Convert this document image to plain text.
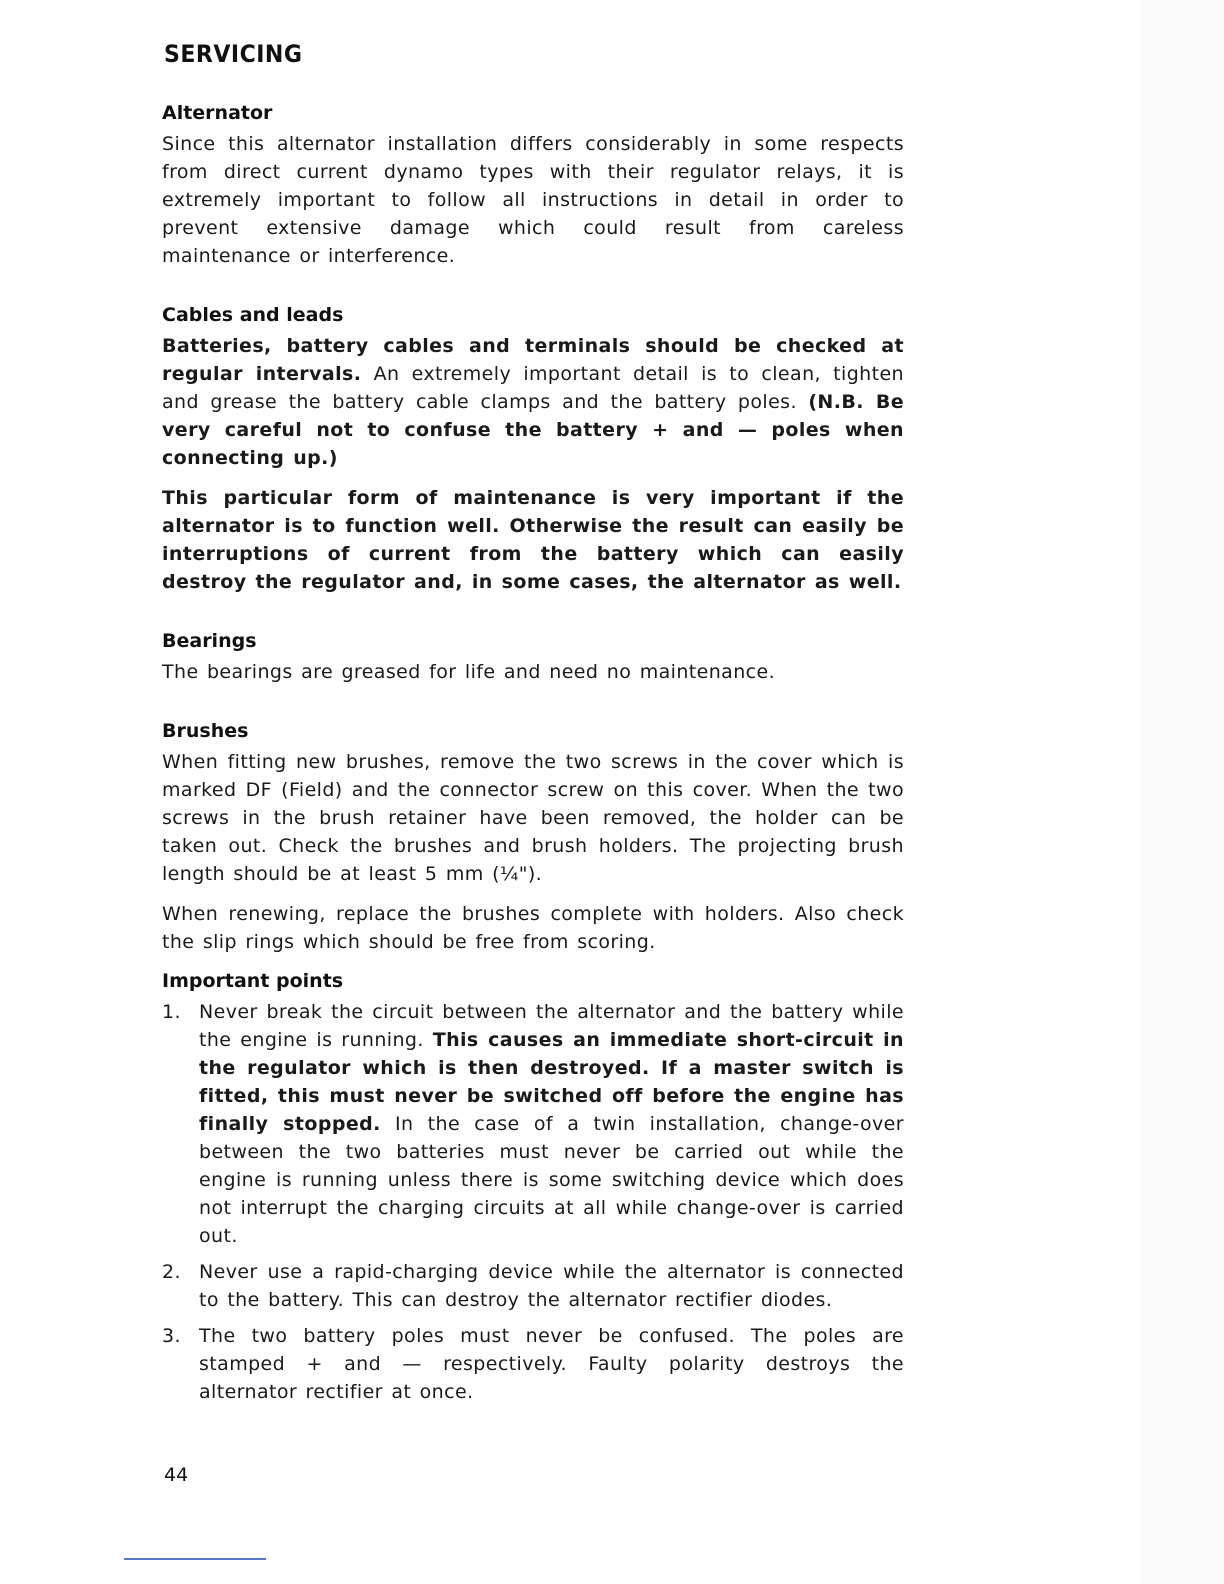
SERVICING
Alternator

Since this alternator installation differs considerably in some respects from direct current dynamo types with their regulator relays, it is extremely important to follow all instructions in detail in order to prevent extensive damage which could result from careless maintenance or interference.

Cables and leads

Batteries, battery cables and terminals should be checked at regular intervals. An extremely important detail is to clean, tighten and grease the battery cable clamps and the battery poles. (N.B. Be very careful not to confuse the battery + and — poles when connecting up.)

This particular form of maintenance is very important if the alternator is to function well. Otherwise the result can easily be interruptions of current from the battery which can easily destroy the regulator and, in some cases, the alternator as well.

Bearings

The bearings are greased for life and need no maintenance.

Brushes

When fitting new brushes, remove the two screws in the cover which is marked DF (Field) and the connector screw on this cover. When the two screws in the brush retainer have been removed, the holder can be taken out. Check the brushes and brush holders. The projecting brush length should be at least 5 mm (¼").

When renewing, replace the brushes complete with holders. Also check the slip rings which should be free from scoring.

Important points
1. Never break the circuit between the alternator and the battery while the engine is running. This causes an immediate short-circuit in the regulator which is then destroyed. If a master switch is fitted, this must never be switched off before the engine has finally stopped. In the case of a twin installation, change-over between the two batteries must never be carried out while the engine is running unless there is some switching device which does not interrupt the charging circuits at all while change-over is carried out.
2. Never use a rapid-charging device while the alternator is connected to the battery. This can destroy the alternator rectifier diodes.
3. The two battery poles must never be confused. The poles are stamped + and — respectively. Faulty polarity destroys the alternator rectifier at once.
44
